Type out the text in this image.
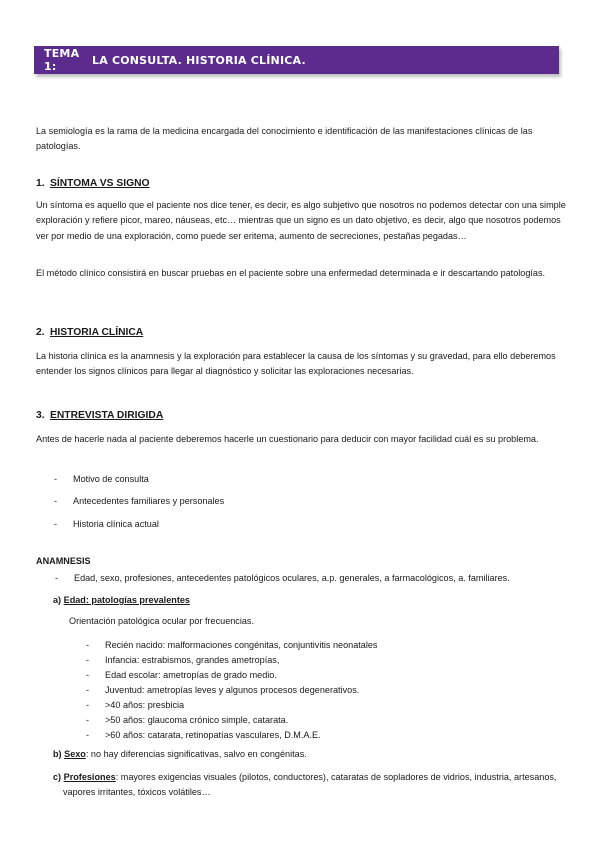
TEMA 1:	LA CONSULTA. HISTORIA CLÍNICA.
La semiología es la rama de la medicina encargada del conocimiento e identificación de las manifestaciones clínicas de las patologías.
1. SÍNTOMA VS SIGNO
Un síntoma es aquello que el paciente nos dice tener, es decir, es algo subjetivo que nosotros no podemos detectar con una simple exploración y refiere picor, mareo, náuseas, etc… mientras que un signo es un dato objetivo, es decir, algo que nosotros podemos ver por medio de una exploración, como puede ser eritema, aumento de secreciones, pestañas pegadas…
El método clínico consistirá en buscar pruebas en el paciente sobre una enfermedad determinada e ir descartando patologías.
2. HISTORIA CLÍNICA
La historia clínica es la anamnesis y la exploración para establecer la causa de los síntomas y su gravedad, para ello deberemos entender los signos clínicos para llegar al diagnóstico y solicitar las exploraciones necesarias.
3. ENTREVISTA DIRIGIDA
Antes de hacerle nada al paciente deberemos hacerle un cuestionario para deducir con mayor facilidad cuál es su problema.
- Motivo de consulta
- Antecedentes familiares y personales
- Historia clínica actual
ANAMNESIS
- Edad, sexo, profesiones, antecedentes patológicos oculares, a.p. generales, a farmacológicos, a. familiares.
a) Edad: patologías prevalentes
Orientación patológica ocular por frecuencias.
- Recién nacido: malformaciones congénitas, conjuntivitis neonatales
- Infancia: estrabismos, grandes ametropías,
- Edad escolar: ametropías de grado medio.
- Juventud: ametropías leves y algunos procesos degenerativos.
- >40 años: presbicia
- >50 años: glaucoma crónico simple, catarata.
- >60 años: catarata, retinopatías vasculares, D.M.A.E.
b) Sexo: no hay diferencias significativas, salvo en congénitas.
c) Profesiones: mayores exigencias visuales (pilotos, conductores), cataratas de sopladores de vidrios, industria, artesanos, vapores irritantes, tóxicos volátiles…
